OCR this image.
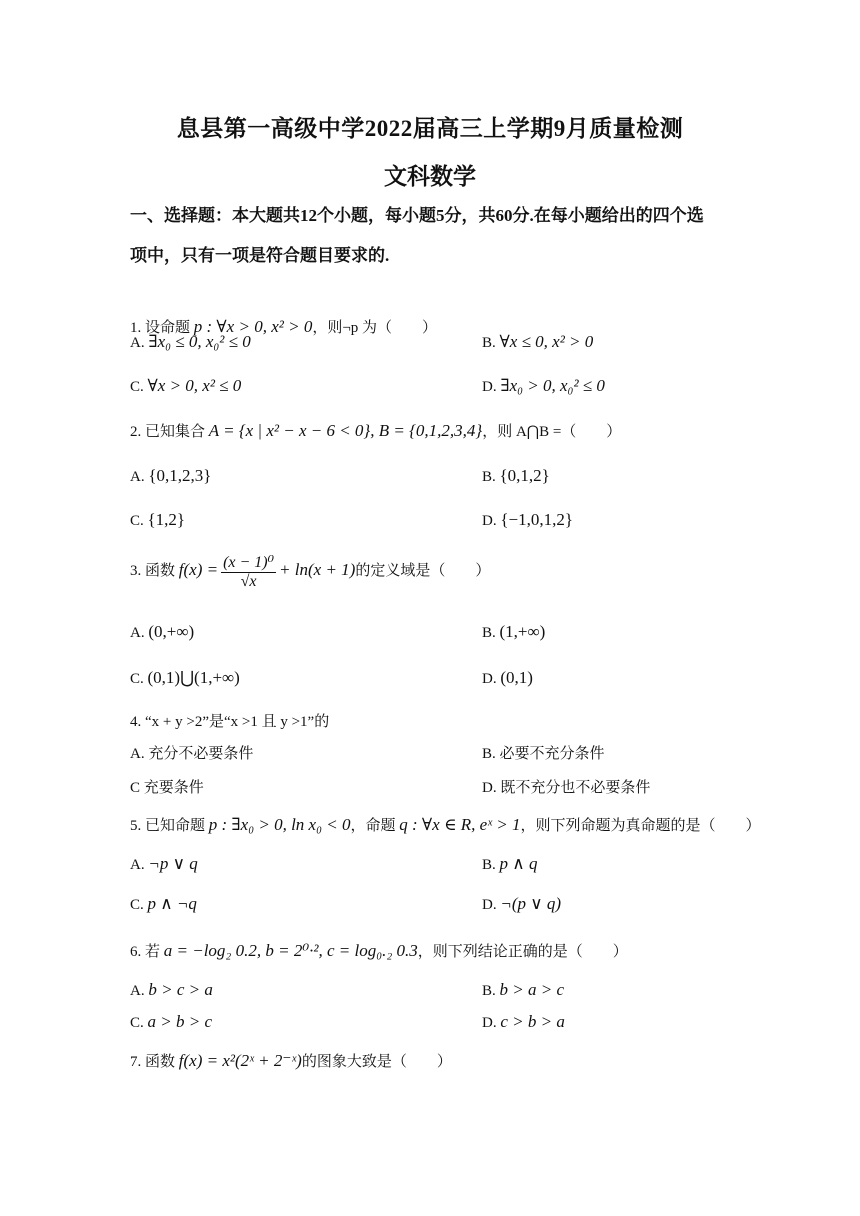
息县第一高级中学2022届高三上学期9月质量检测
文科数学
一、选择题：本大题共12个小题，每小题5分，共60分.在每小题给出的四个选
项中，只有一项是符合题目要求的.
1. 设命题 p : ∀x > 0, x² > 0，则¬p 为（　　）
A. ∃x₀ ≤ 0, x₀² ≤ 0	B. ∀x ≤ 0, x² > 0
C. ∀x > 0, x² ≤ 0	D. ∃x₀ > 0, x₀² ≤ 0
2. 已知集合 A = {x | x² − x − 6 < 0}, B = {0,1,2,3,4}，则 A⋂B =（　　）
A. {0,1,2,3}	B. {0,1,2}
C. {1,2}	D. {−1,0,1,2}
3. 函数 $f(x) = \frac{\text{(x − 1)⁰}}{√x} + \ln(x + 1)$的定义域是（　　）
A. (0,+∞)	B. (1,+∞)
C. (0,1)⋃(1,+∞)	D. (0,1)
4. “x + y >2”是“x >1 且 y >1”的
A. 充分不必要条件	B. 必要不充分条件
C 充要条件	D. 既不充分也不必要条件
5. 已知命题 p : ∃x₀ > 0, ln x₀ < 0，命题 q : ∀x ∈ R, eˣ > 1，则下列命题为真命题的是（　　）
A. ¬p ∨ q	B. p ∧ q
C. p ∧ ¬q	D. ¬(p ∨ q)
6. 若 a = −log₂ 0.2, b = 2⁰·², c = log₀.₂ 0.3，则下列结论正确的是（　　）
A. b > c > a	B. b > a > c
C. a > b > c	D. c > b > a
7. 函数 f(x) = x²(2ˣ + 2⁻ˣ)的图象大致是（　　）
